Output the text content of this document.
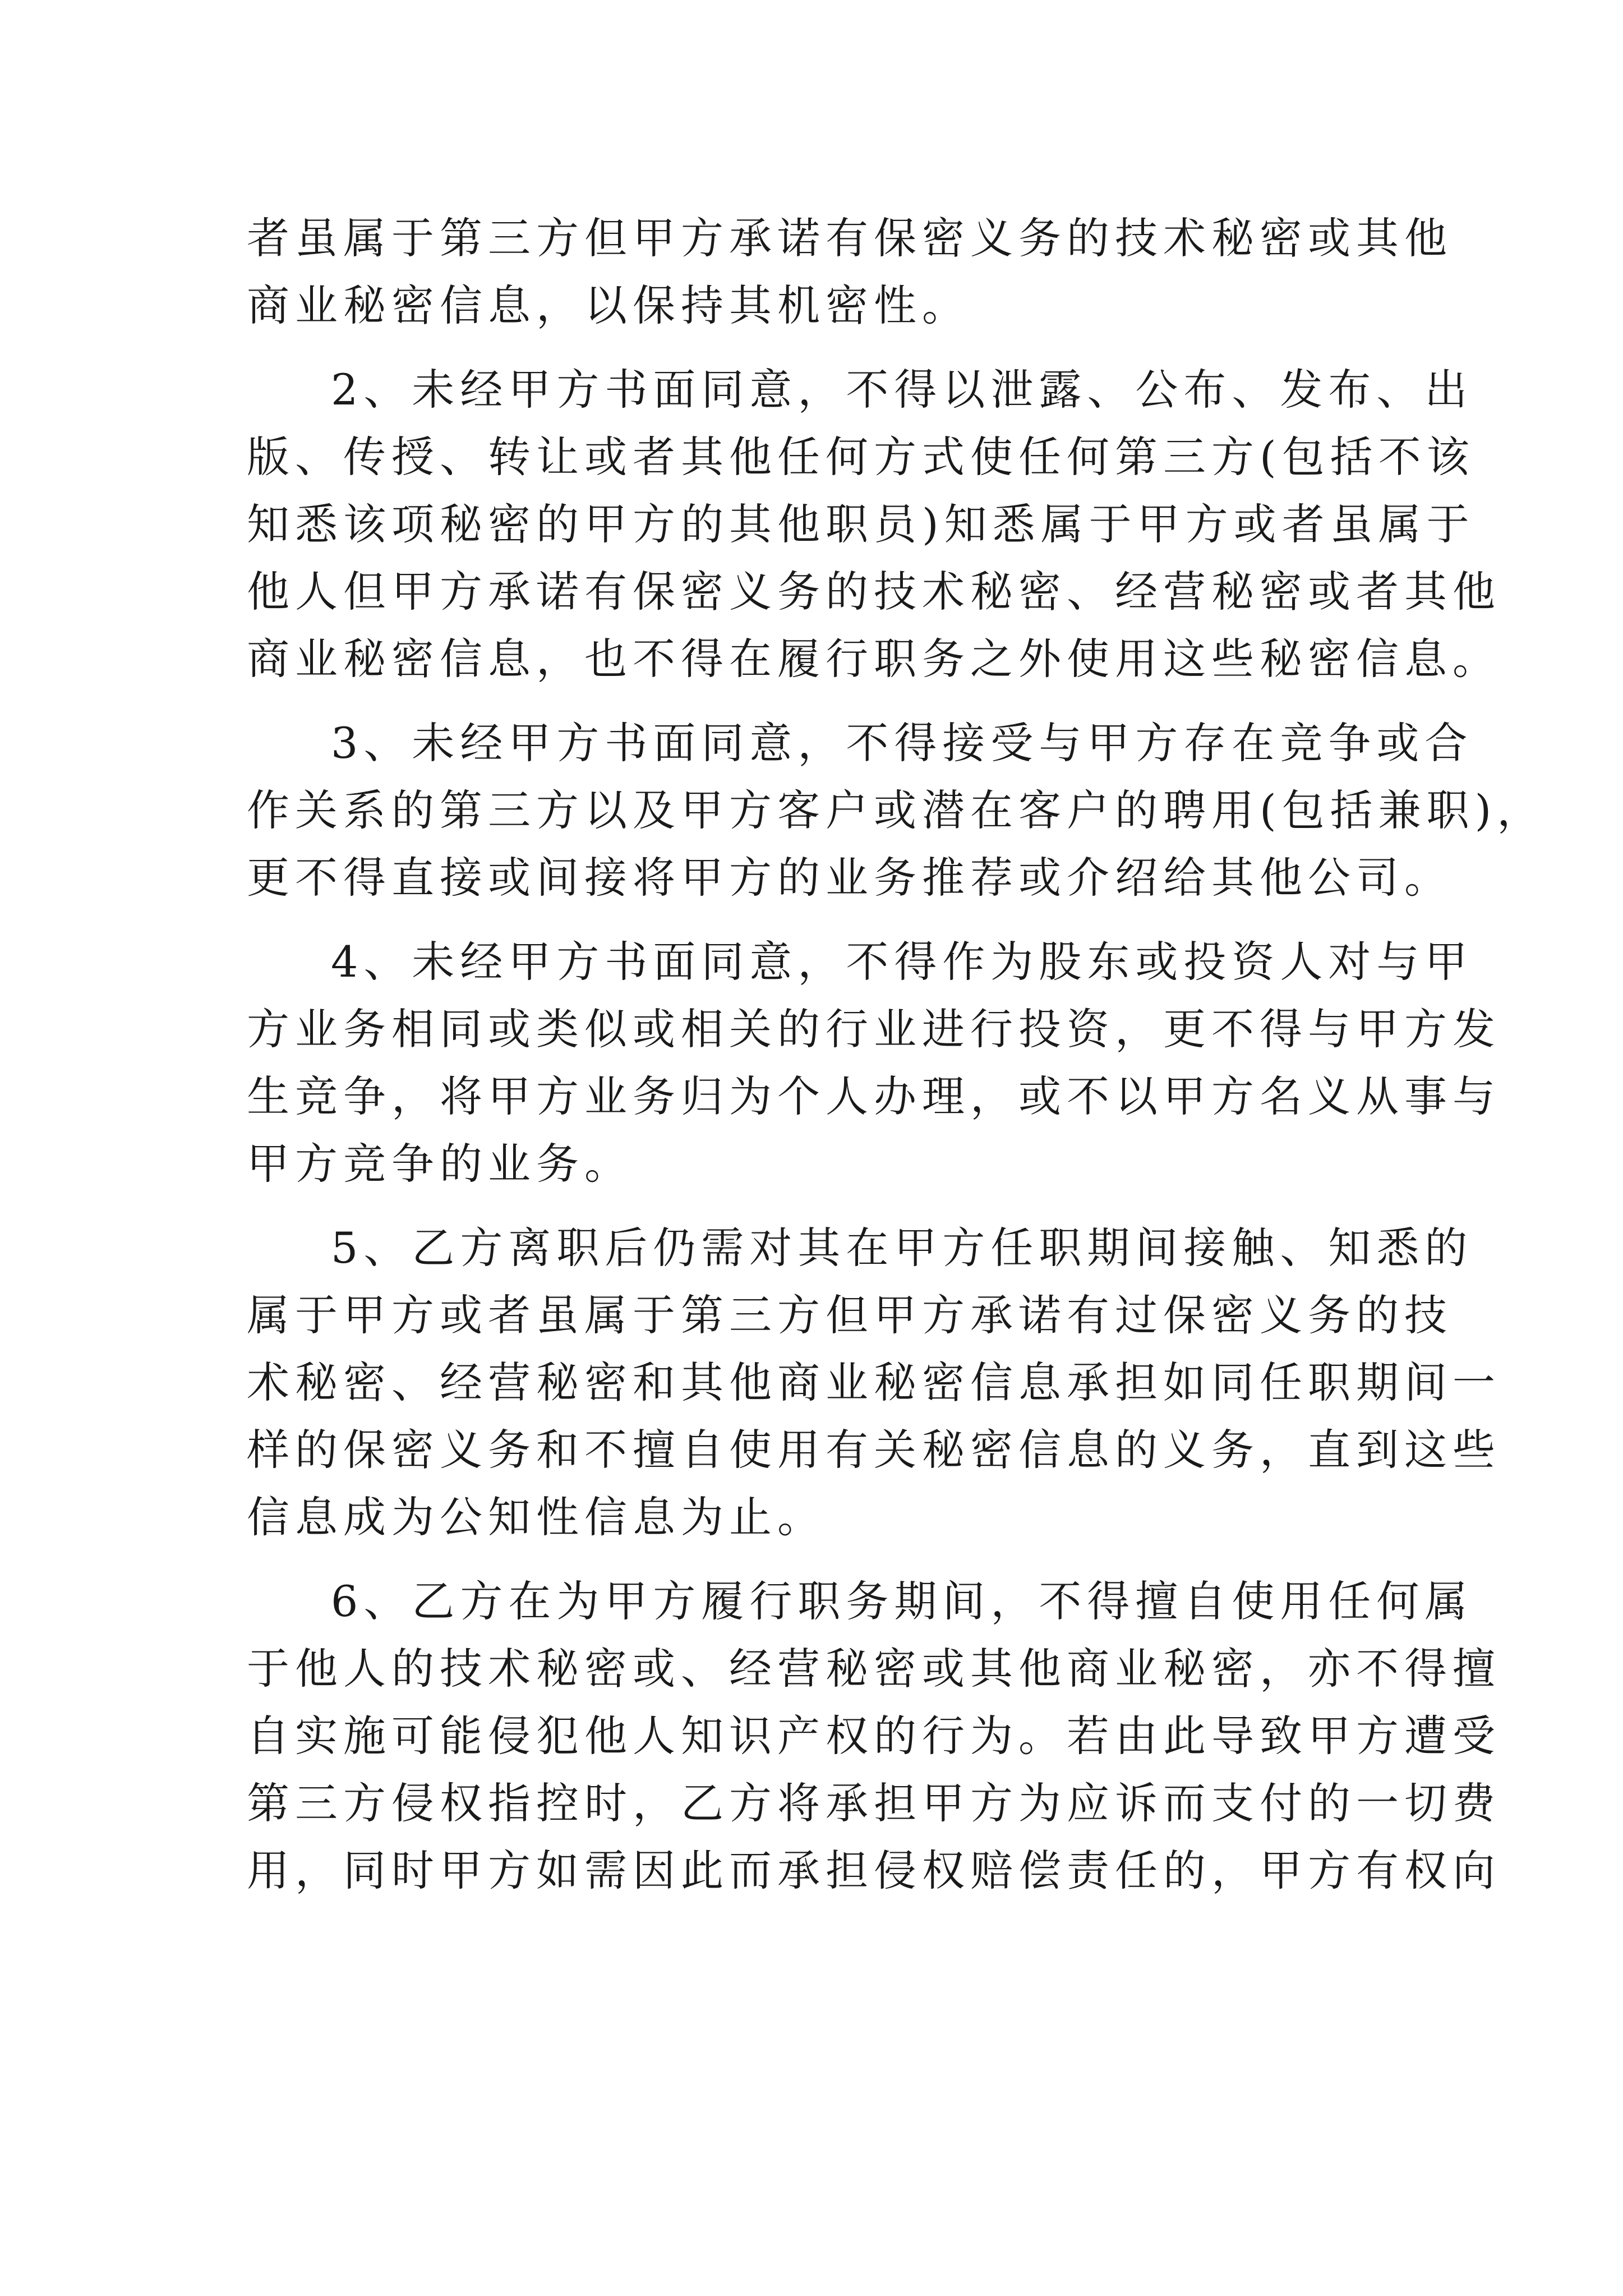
者虽属于第三方但甲方承诺有保密义务的技术秘密或其他
商业秘密信息，以保持其机密性。
2、未经甲方书面同意，不得以泄露、公布、发布、出
版、传授、转让或者其他任何方式使任何第三方(包括不该
知悉该项秘密的甲方的其他职员)知悉属于甲方或者虽属于
他人但甲方承诺有保密义务的技术秘密、经营秘密或者其他
商业秘密信息，也不得在履行职务之外使用这些秘密信息。
3、未经甲方书面同意，不得接受与甲方存在竞争或合
作关系的第三方以及甲方客户或潜在客户的聘用(包括兼职)，
更不得直接或间接将甲方的业务推荐或介绍给其他公司。
4、未经甲方书面同意，不得作为股东或投资人对与甲
方业务相同或类似或相关的行业进行投资，更不得与甲方发
生竞争，将甲方业务归为个人办理，或不以甲方名义从事与
甲方竞争的业务。
5、乙方离职后仍需对其在甲方任职期间接触、知悉的
属于甲方或者虽属于第三方但甲方承诺有过保密义务的技
术秘密、经营秘密和其他商业秘密信息承担如同任职期间一
样的保密义务和不擅自使用有关秘密信息的义务，直到这些
信息成为公知性信息为止。
6、乙方在为甲方履行职务期间，不得擅自使用任何属
于他人的技术秘密或、经营秘密或其他商业秘密，亦不得擅
自实施可能侵犯他人知识产权的行为。若由此导致甲方遭受
第三方侵权指控时，乙方将承担甲方为应诉而支付的一切费
用，同时甲方如需因此而承担侵权赔偿责任的，甲方有权向
